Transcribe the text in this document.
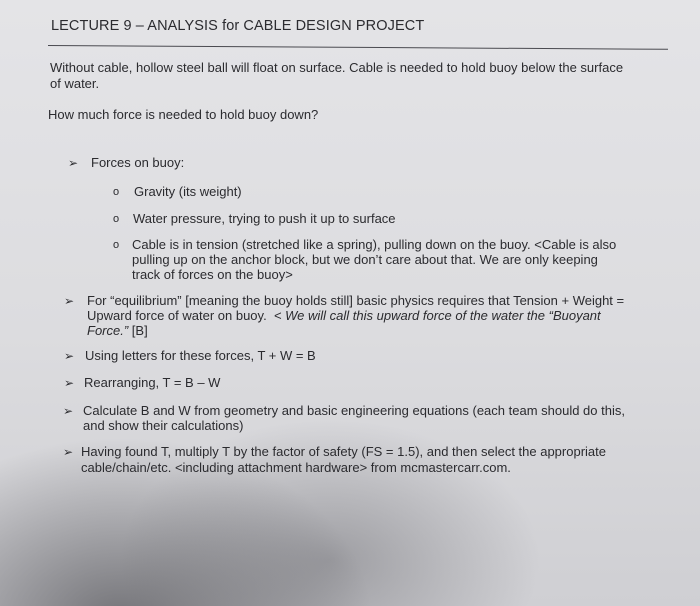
LECTURE 9 – ANALYSIS for CABLE DESIGN PROJECT
Without cable, hollow steel ball will float on surface. Cable is needed to hold buoy below the surface
of water.
How much force is needed to hold buoy down?
➢ Forces on buoy:
o Gravity (its weight)
o Water pressure, trying to push it up to surface
o Cable is in tension (stretched like a spring), pulling down on the buoy. <Cable is also
pulling up on the anchor block, but we don’t care about that. We are only keeping
track of forces on the buoy>
➢ For “equilibrium” [meaning the buoy holds still] basic physics requires that Tension + Weight =
Upward force of water on buoy. < We will call this upward force of the water the “Buoyant
Force.” [B]
➢ Using letters for these forces, T + W = B
➢ Rearranging, T = B – W
➢ Calculate B and W from geometry and basic engineering equations (each team should do this,
and show their calculations)
➢ Having found T, multiply T by the factor of safety (FS = 1.5), and then select the appropriate
cable/chain/etc. <including attachment hardware> from mcmastercarr.com.
